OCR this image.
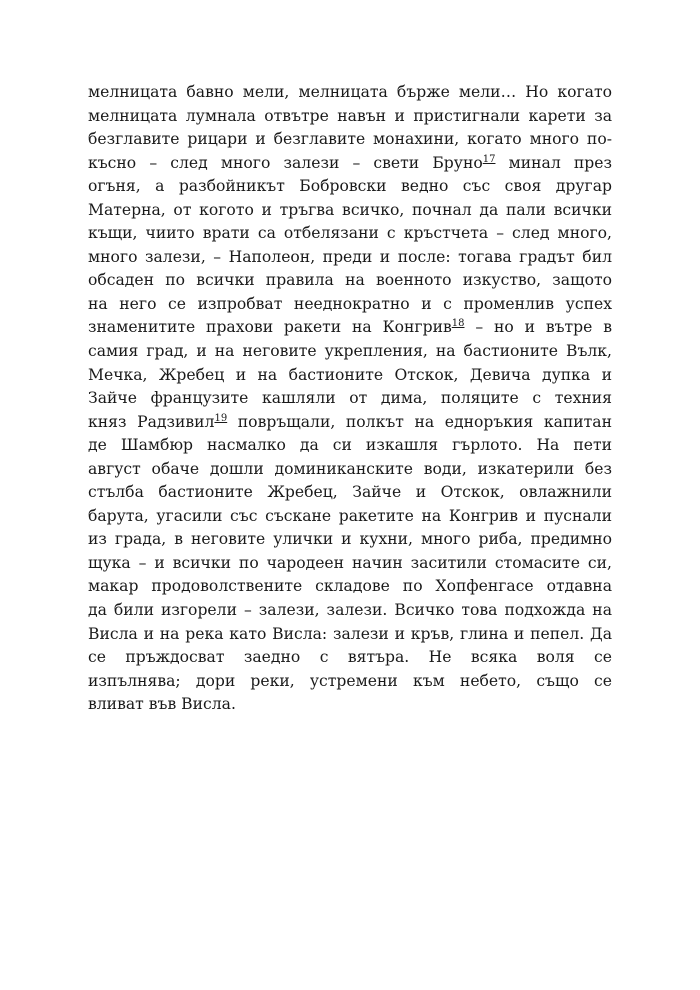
мелницата бавно мели, мелницата бърже мели… Но когато
мелницата лумнала отвътре навън и пристигнали карети за
безглавите рицари и безглавите монахини, когато много по-
късно – след много залези – свети Бруно$^{17}$ минал през
огъня, а разбойникът Бобровски ведно със своя другар
Матерна, от когото и тръгва всичко, почнал да пали всички
къщи, чиито врати са отбелязани с кръстчета – след много,
много залези, – Наполеон, преди и после: тогава градът бил
обсаден по всички правила на военното изкуство, защото
на него се изпробват нееднократно и с променлив успех
знаменитите прахови ракети на Конгрив$^{18}$ – но и вътре в
самия град, и на неговите укрепления, на бастионите Вълк,
Мечка, Жребец и на бастионите Отскок, Девича дупка и
Зайче французите кашляли от дима, поляците с техния
княз Радзивил$^{19}$ повръщали, полкът на едноръкия капитан
де Шамбюр насмалко да си изкашля гърлото. На пети
август обаче дошли доминиканските води, изкатерили без
стълба бастионите Жребец, Зайче и Отскок, овлажнили
барута, угасили със съскане ракетите на Конгрив и пуснали
из града, в неговите улички и кухни, много риба, предимно
щука – и всички по чародеен начин заситили стомасите си,
макар продоволствените складове по Хопфенгасе отдавна
да били изгорели – залези, залези. Всичко това подхожда на
Висла и на река като Висла: залези и кръв, глина и пепел. Да
се пръждосват заедно с вятъра. Не всяка воля се
изпълнява; дори реки, устремени към небето, също се
вливат във Висла.
